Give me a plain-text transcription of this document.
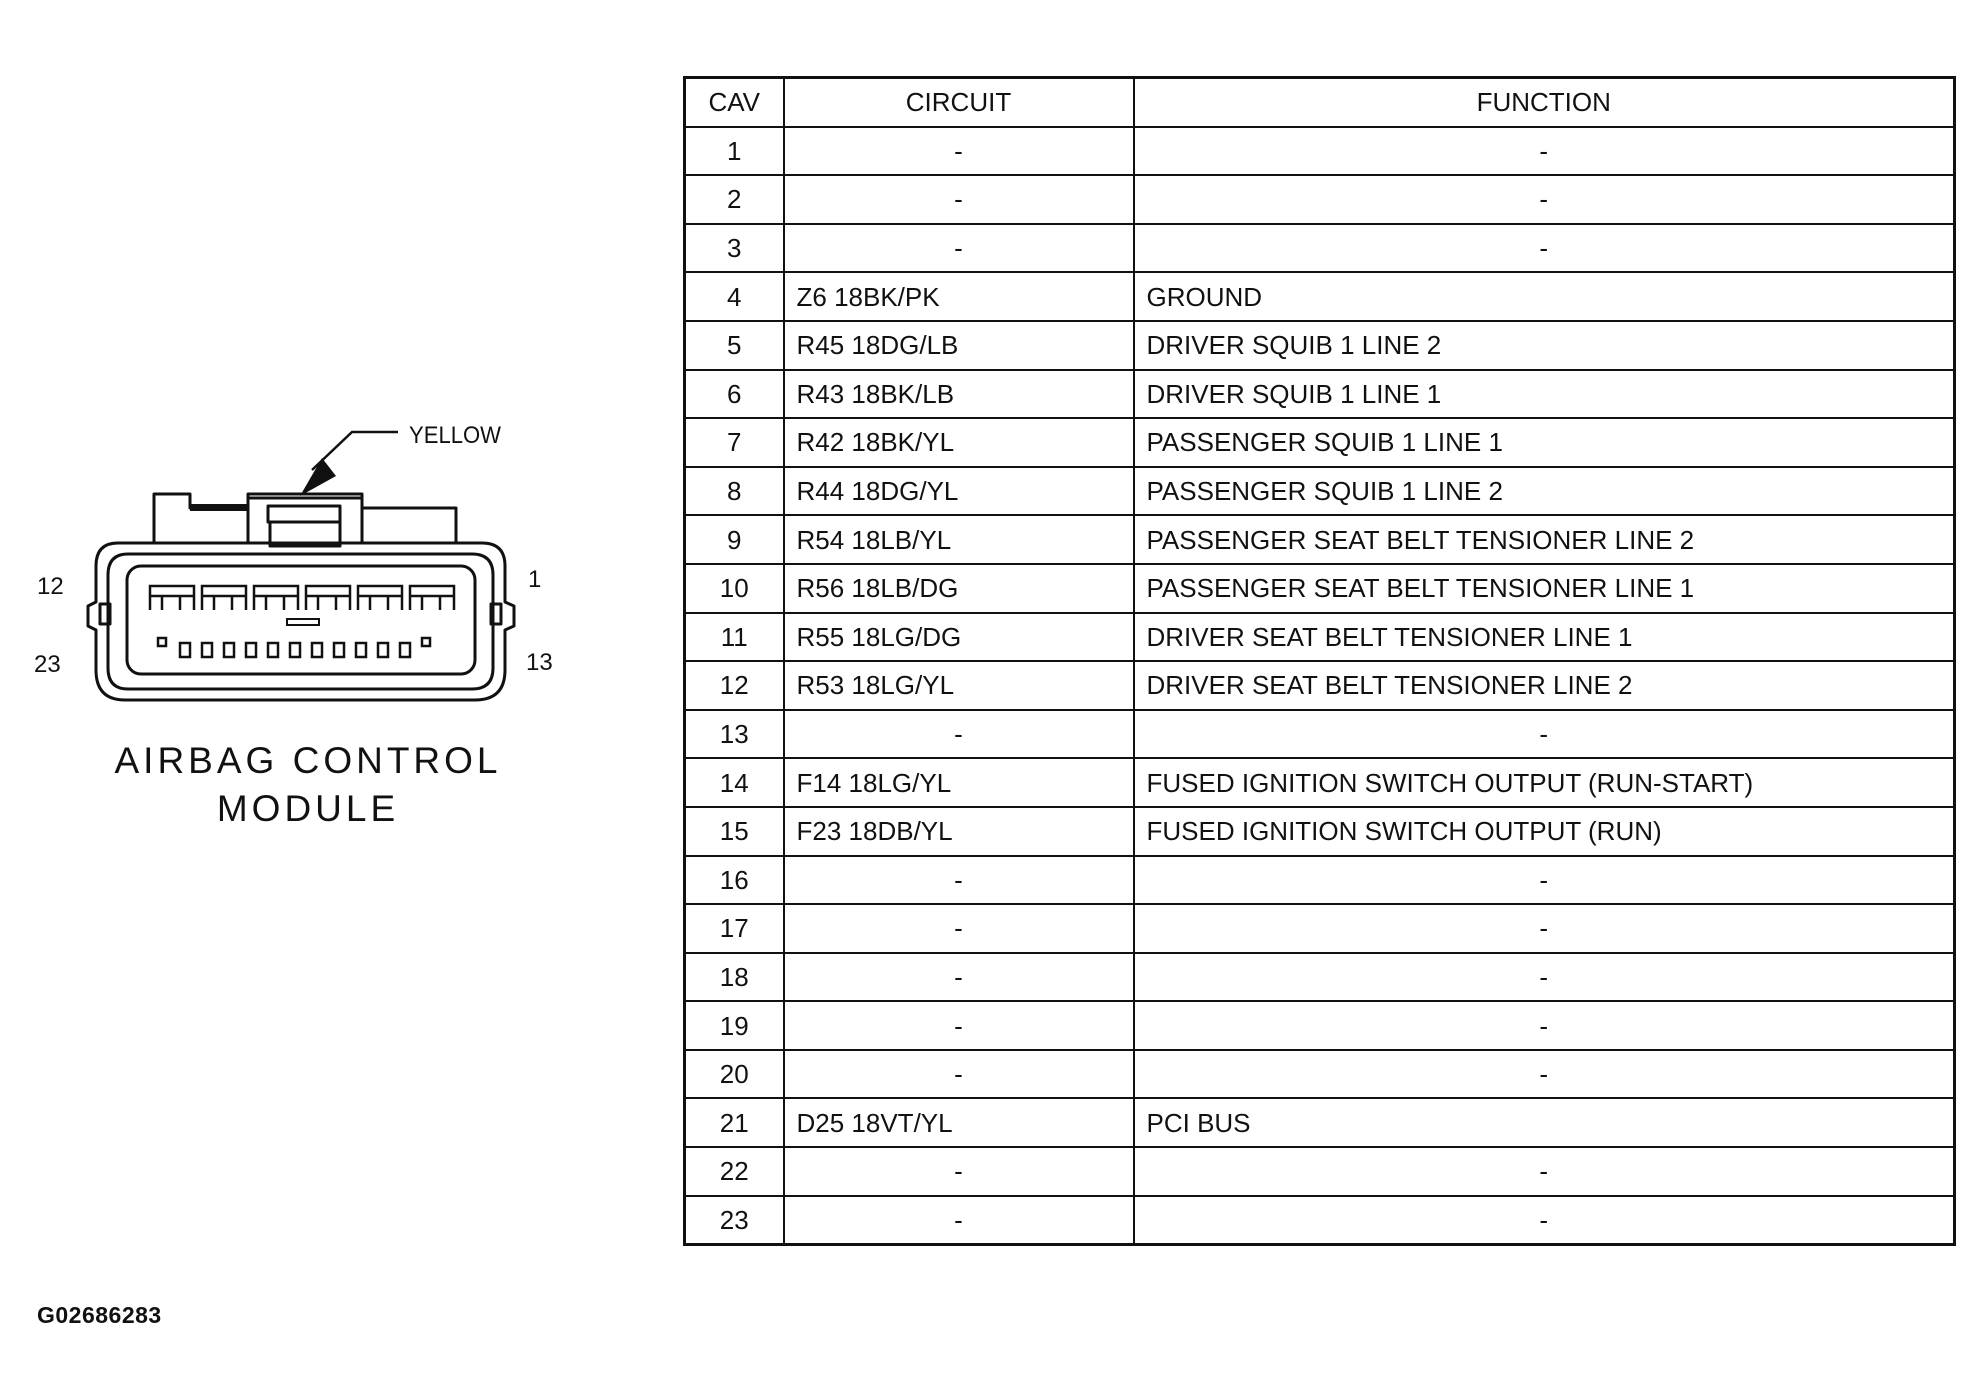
YELLOW
12	1
23	13
AIRBAG CONTROL
MODULE
CAV	CIRCUIT	FUNCTION
1	-	-
2	-	-
3	-	-
4	Z6 18BK/PK	GROUND
5	R45 18DG/LB	DRIVER SQUIB 1 LINE 2
6	R43 18BK/LB	DRIVER SQUIB 1 LINE 1
7	R42 18BK/YL	PASSENGER SQUIB 1 LINE 1
8	R44 18DG/YL	PASSENGER SQUIB 1 LINE 2
9	R54 18LB/YL	PASSENGER SEAT BELT TENSIONER LINE 2
10	R56 18LB/DG	PASSENGER SEAT BELT TENSIONER LINE 1
11	R55 18LG/DG	DRIVER SEAT BELT TENSIONER LINE 1
12	R53 18LG/YL	DRIVER SEAT BELT TENSIONER LINE 2
13	-	-
14	F14 18LG/YL	FUSED IGNITION SWITCH OUTPUT (RUN-START)
15	F23 18DB/YL	FUSED IGNITION SWITCH OUTPUT (RUN)
16	-	-
17	-	-
18	-	-
19	-	-
20	-	-
21	D25 18VT/YL	PCI BUS
22	-	-
23	-	-
G02686283
